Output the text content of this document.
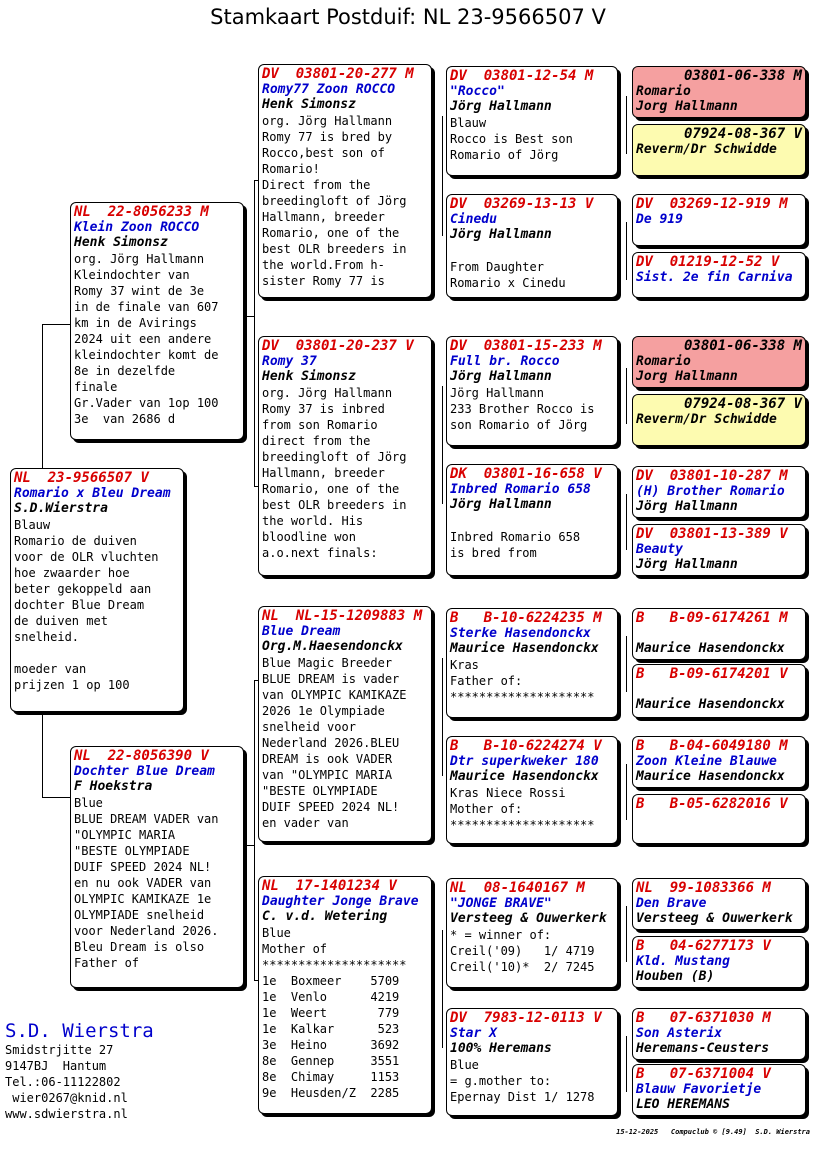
Stamkaart Postduif: NL 23-9566507 V
NL  23-9566507 V
Romario x Bleu Dream
S.D.Wierstra
Blauw
Romario de duiven
voor de OLR vluchten
hoe zwaarder hoe
beter gekoppeld aan
dochter Blue Dream
de duiven met
snelheid.

moeder van
prijzen 1 op 100
NL  22-8056233 M
Klein Zoon ROCCO
Henk Simonsz
org. Jörg Hallmann
Kleindochter van
Romy 37 wint de 3e
in de finale van 607
km in de Avirings
2024 uit een andere
kleindochter komt de
8e in dezelfde
finale
Gr.Vader van 1op 100
3e  van 2686 d
NL  22-8056390 V
Dochter Blue Dream
F Hoekstra
Blue
BLUE DREAM VADER van
"OLYMPIC MARIA
"BESTE OLYMPIADE
DUIF SPEED 2024 NL!
en nu ook VADER van
OLYMPIC KAMIKAZE 1e
OLYMPIADE snelheid
voor Nederland 2026.
Bleu Dream is olso
Father of
DV  03801-20-277 M
Romy77 Zoon ROCCO
Henk Simonsz
org. Jörg Hallmann
Romy 77 is bred by
Rocco,best son of
Romario!
Direct from the
breedingloft of Jörg
Hallmann, breeder
Romario, one of the
best OLR breeders in
the world.From h-
sister Romy 77 is
DV  03801-20-237 V
Romy 37
Henk Simonsz
org. Jörg Hallmann
Romy 37 is inbred
from son Romario
direct from the
breedingloft of Jörg
Hallmann, breeder
Romario, one of the
best OLR breeders in
the world. His
bloodline won
a.o.next finals:
NL  NL-15-1209883 M
Blue Dream
Org.M.Haesendonckx
Blue Magic Breeder
BLUE DREAM is vader
van OLYMPIC KAMIKAZE
2026 1e Olympiade
snelheid voor
Nederland 2026.BLEU
DREAM is ook VADER
van "OLYMPIC MARIA
"BESTE OLYMPIADE
DUIF SPEED 2024 NL!
en vader van
NL  17-1401234 V
Daughter Jonge Brave
C. v.d. Wetering
Blue
Mother of
********************
1e  Boxmeer    5709
1e  Venlo      4219
1e  Weert       779
1e  Kalkar      523
3e  Heino      3692
8e  Gennep     3551
8e  Chimay     1153
9e  Heusden/Z  2285
DV  03801-12-54 M
"Rocco"
Jörg Hallmann
Blauw
Rocco is Best son
Romario of Jörg
DV  03269-13-13 V
Cinedu
Jörg Hallmann

From Daughter
Romario x Cinedu
DV  03801-15-233 M
Full br. Rocco
Jörg Hallmann
Jörg Hallmann
233 Brother Rocco is
son Romario of Jörg
DK  03801-16-658 V
Inbred Romario 658
Jörg Hallmann

Inbred Romario 658
is bred from
B   B-10-6224235 M
Sterke Hasendonckx
Maurice Hasendonckx
Kras
Father of:
********************
B   B-10-6224274 V
Dtr superkweker 180
Maurice Hasendonckx
Kras Niece Rossi
Mother of:
********************
NL  08-1640167 M
"JONGE BRAVE"
Versteeg & Ouwerkerk
* = winner of:
Creil('09)   1/ 4719
Creil('10)*  2/ 7245
DV  7983-12-0113 V
Star X
100% Heremans
Blue
= g.mother to:
Epernay Dist 1/ 1278
03801-06-338 M
Romario
Jorg Hallmann
07924-08-367 V
Reverm/Dr Schwidde
DV  03269-12-919 M
De 919
DV  01219-12-52 V
Sist. 2e fin Carniva
03801-06-338 M
Romario
Jorg Hallmann
07924-08-367 V
Reverm/Dr Schwidde
DV  03801-10-287 M
(H) Brother Romario
Jörg Hallmann
DV  03801-13-389 V
Beauty
Jörg Hallmann
B   B-09-6174261 M
Maurice Hasendonckx
B   B-09-6174201 V
Maurice Hasendonckx
B   B-04-6049180 M
Zoon Kleine Blauwe
Maurice Hasendonckx
B   B-05-6282016 V
NL  99-1083366 M
Den Brave
Versteeg & Ouwerkerk
B   04-6277173 V
Kld. Mustang
Houben (B)
B   07-6371030 M
Son Asterix
Heremans-Ceusters
B   07-6371004 V
Blauw Favorietje
LEO HEREMANS
S.D. Wierstra
Smidstrjitte 27
9147BJ  Hantum
Tel.:06-11122802
wier0267@knid.nl
www.sdwierstra.nl
15-12-2025   Compuclub © [9.49]  S.D. Wierstra
